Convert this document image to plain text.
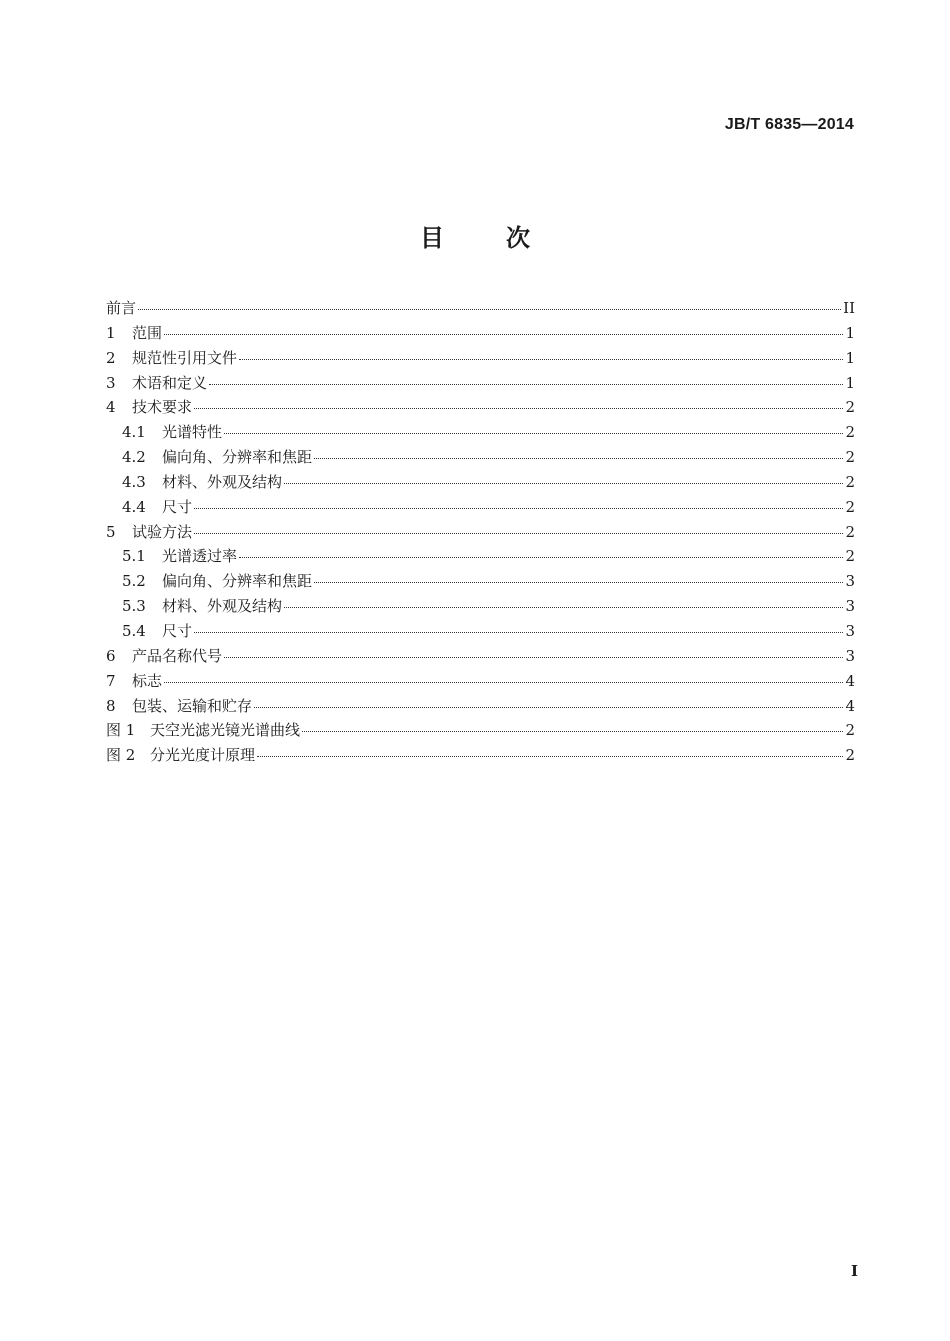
JB/T 6835—2014
目	次
前言	II
1	范围	1
2	规范性引用文件	1
3	术语和定义	1
4	技术要求	2
4.1	光谱特性	2
4.2	偏向角、分辨率和焦距	2
4.3	材料、外观及结构	2
4.4	尺寸	2
5	试验方法	2
5.1	光谱透过率	2
5.2	偏向角、分辨率和焦距	3
5.3	材料、外观及结构	3
5.4	尺寸	3
6	产品名称代号	3
7	标志	4
8	包装、运输和贮存	4
图 1 天空光滤光镜光谱曲线	2
图 2 分光光度计原理	2
I
